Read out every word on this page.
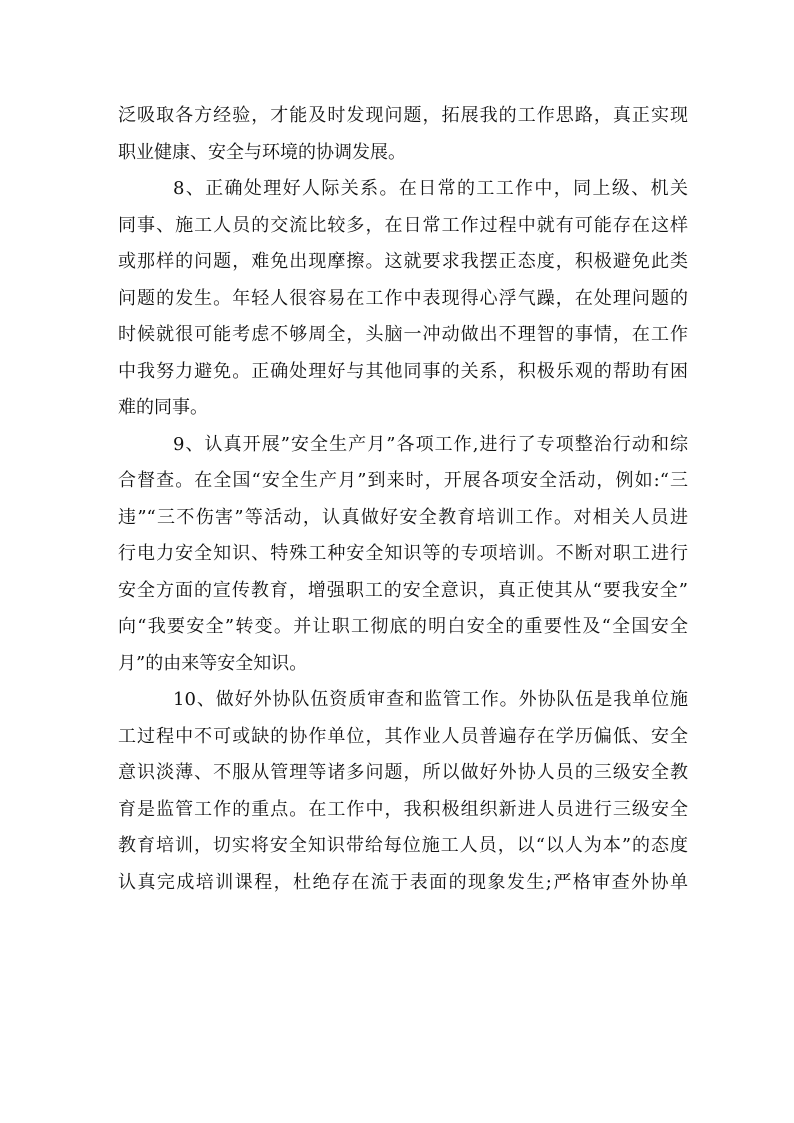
泛吸取各方经验，才能及时发现问题，拓展我的工作思路，真正实现
职业健康、安全与环境的协调发展。
8、正确处理好人际关系。在日常的工工作中，同上级、机关
同事、施工人员的交流比较多，在日常工作过程中就有可能存在这样
或那样的问题，难免出现摩擦。这就要求我摆正态度，积极避免此类
问题的发生。年轻人很容易在工作中表现得心浮气躁，在处理问题的
时候就很可能考虑不够周全，头脑一冲动做出不理智的事情，在工作
中我努力避免。正确处理好与其他同事的关系，积极乐观的帮助有困
难的同事。
9、认真开展”安全生产月”各项工作,进行了专项整治行动和综
合督查。在全国“安全生产月”到来时，开展各项安全活动，例如:“三
违”“三不伤害”等活动，认真做好安全教育培训工作。对相关人员进
行电力安全知识、特殊工种安全知识等的专项培训。不断对职工进行
安全方面的宣传教育，增强职工的安全意识，真正使其从“要我安全”
向“我要安全”转变。并让职工彻底的明白安全的重要性及“全国安全
月”的由来等安全知识。
10、做好外协队伍资质审查和监管工作。外协队伍是我单位施
工过程中不可或缺的协作单位，其作业人员普遍存在学历偏低、安全
意识淡薄、不服从管理等诸多问题，所以做好外协人员的三级安全教
育是监管工作的重点。在工作中，我积极组织新进人员进行三级安全
教育培训，切实将安全知识带给每位施工人员，以“以人为本”的态度
认真完成培训课程，杜绝存在流于表面的现象发生;严格审查外协单
